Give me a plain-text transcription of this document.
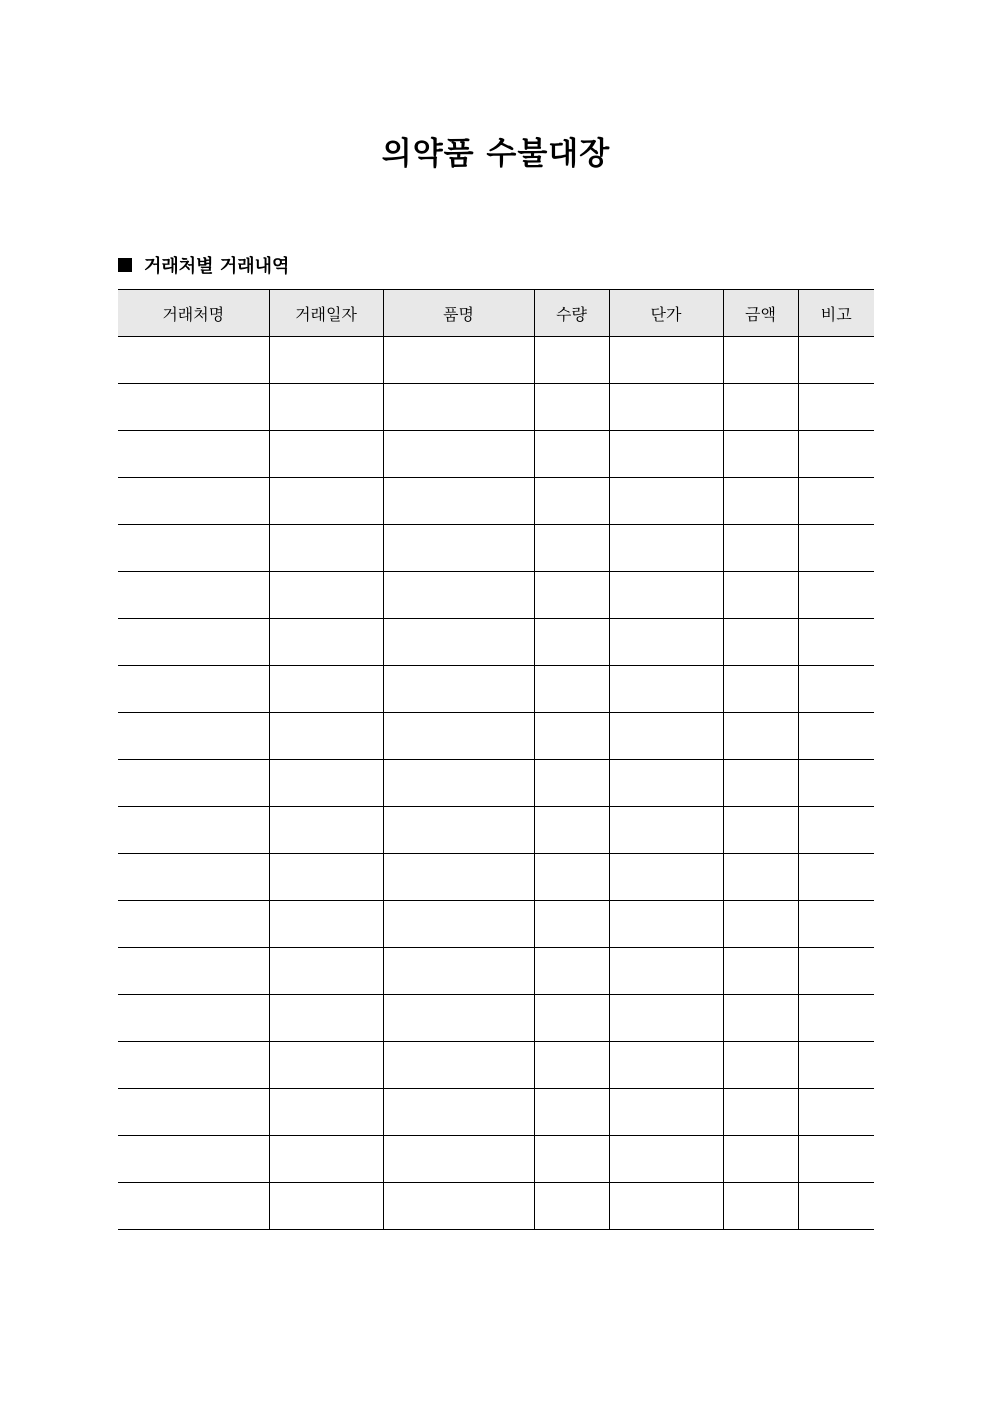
의약품 수불대장
거래처별 거래내역
거래처명	거래일자	품명	수량	단가	금액	비고
